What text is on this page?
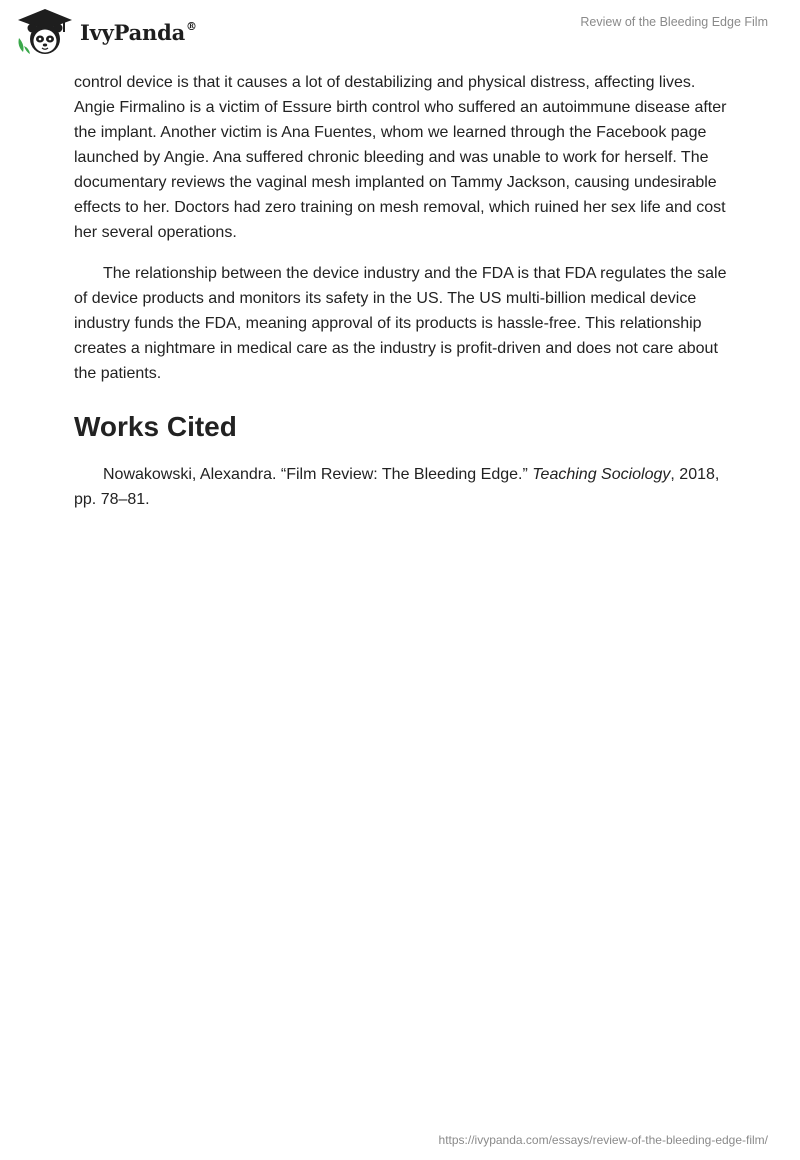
IvyPanda®	Review of the Bleeding Edge Film

control device is that it causes a lot of destabilizing and physical distress, affecting lives. Angie Firmalino is a victim of Essure birth control who suffered an autoimmune disease after the implant. Another victim is Ana Fuentes, whom we learned through the Facebook page launched by Angie. Ana suffered chronic bleeding and was unable to work for herself. The documentary reviews the vaginal mesh implanted on Tammy Jackson, causing undesirable effects to her. Doctors had zero training on mesh removal, which ruined her sex life and cost her several operations.

The relationship between the device industry and the FDA is that FDA regulates the sale of device products and monitors its safety in the US. The US multi-billion medical device industry funds the FDA, meaning approval of its products is hassle-free. This relationship creates a nightmare in medical care as the industry is profit-driven and does not care about the patients.

Works Cited

Nowakowski, Alexandra. “Film Review: The Bleeding Edge.” Teaching Sociology, 2018, pp. 78–81.

https://ivypanda.com/essays/review-of-the-bleeding-edge-film/
